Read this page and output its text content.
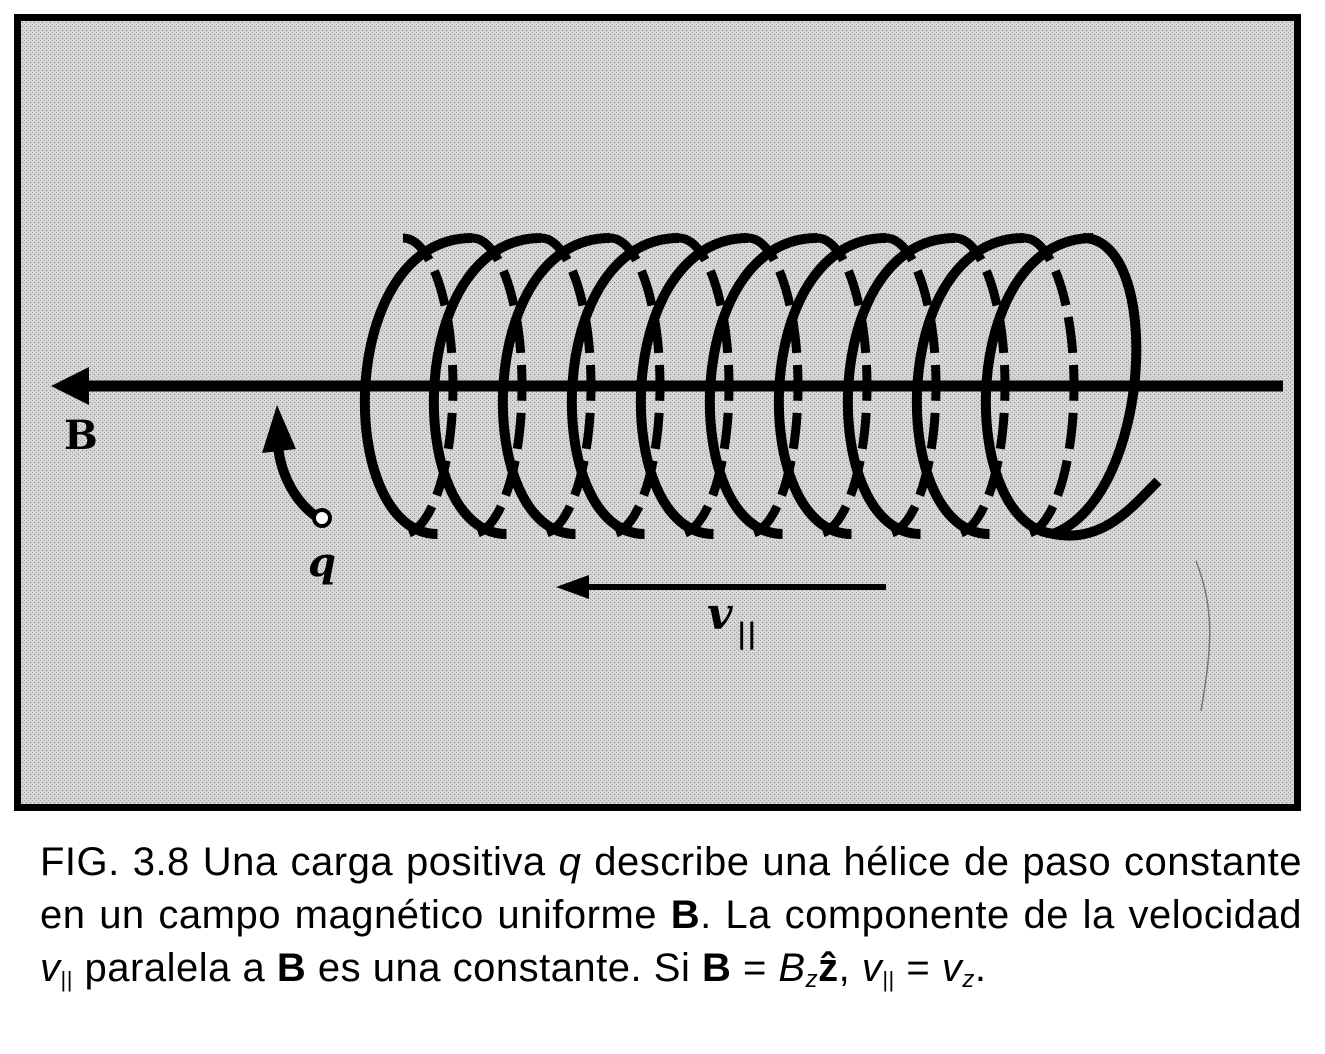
B
q
v $_{||}$
FIG. 3.8 Una carga positiva q describe una hélice de paso constante en un campo magnético uniforme B. La componente de la velocidad $v_{||}$ paralela a B es una constante. Si B = Bzẑ, $v_{||}$ = vz.
